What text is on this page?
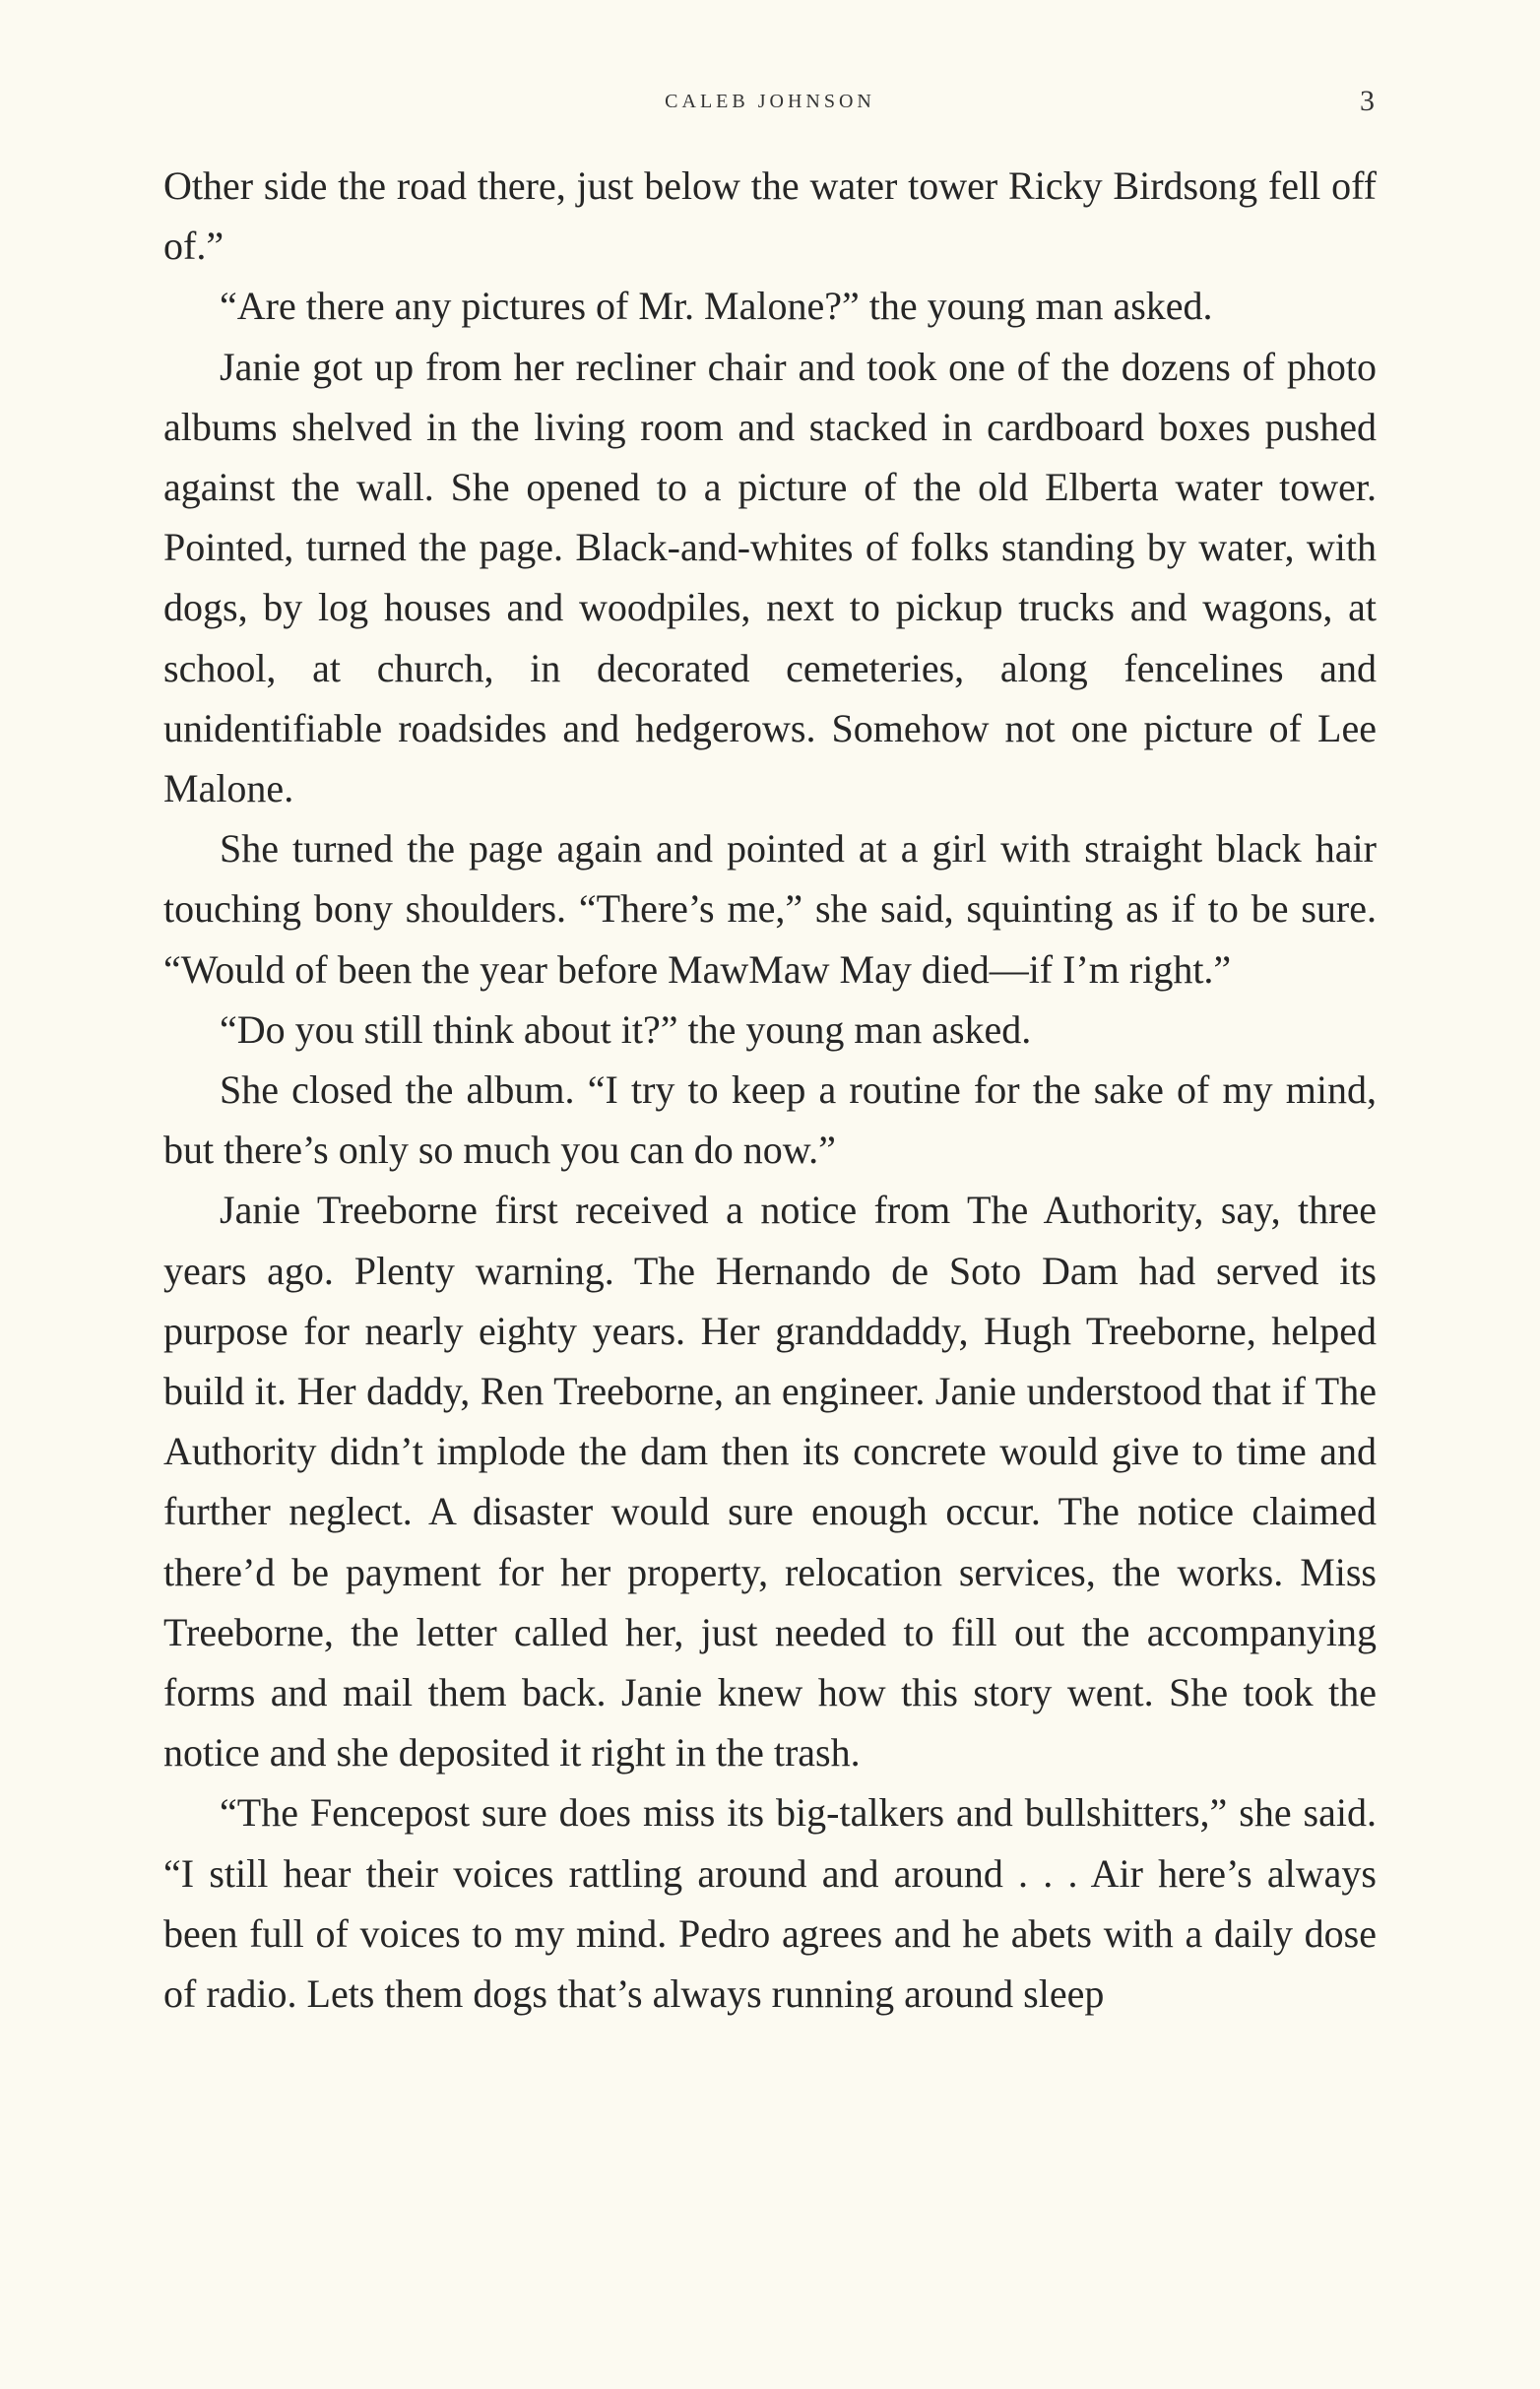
CALEB JOHNSON	3

Other side the road there, just below the water tower Ricky Birdsong fell off of.”

“Are there any pictures of Mr. Malone?” the young man asked.

Janie got up from her recliner chair and took one of the dozens of photo albums shelved in the living room and stacked in cardboard boxes pushed against the wall. She opened to a picture of the old Elberta water tower. Pointed, turned the page. Black-and-whites of folks standing by water, with dogs, by log houses and woodpiles, next to pickup trucks and wagons, at school, at church, in decorated cemeteries, along fencelines and unidentifiable roadsides and hedgerows. Somehow not one picture of Lee Malone.

She turned the page again and pointed at a girl with straight black hair touching bony shoulders. “There’s me,” she said, squinting as if to be sure. “Would of been the year before MawMaw May died—if I’m right.”

“Do you still think about it?” the young man asked.

She closed the album. “I try to keep a routine for the sake of my mind, but there’s only so much you can do now.”

Janie Treeborne first received a notice from The Authority, say, three years ago. Plenty warning. The Hernando de Soto Dam had served its purpose for nearly eighty years. Her granddaddy, Hugh Treeborne, helped build it. Her daddy, Ren Treeborne, an engineer. Janie understood that if The Authority didn’t implode the dam then its concrete would give to time and further neglect. A disaster would sure enough occur. The notice claimed there’d be payment for her property, relocation services, the works. Miss Treeborne, the letter called her, just needed to fill out the accompanying forms and mail them back. Janie knew how this story went. She took the notice and she deposited it right in the trash.

“The Fencepost sure does miss its big-talkers and bullshitters,” she said. “I still hear their voices rattling around and around . . . Air here’s always been full of voices to my mind. Pedro agrees and he abets with a daily dose of radio. Lets them dogs that’s always running around sleep
